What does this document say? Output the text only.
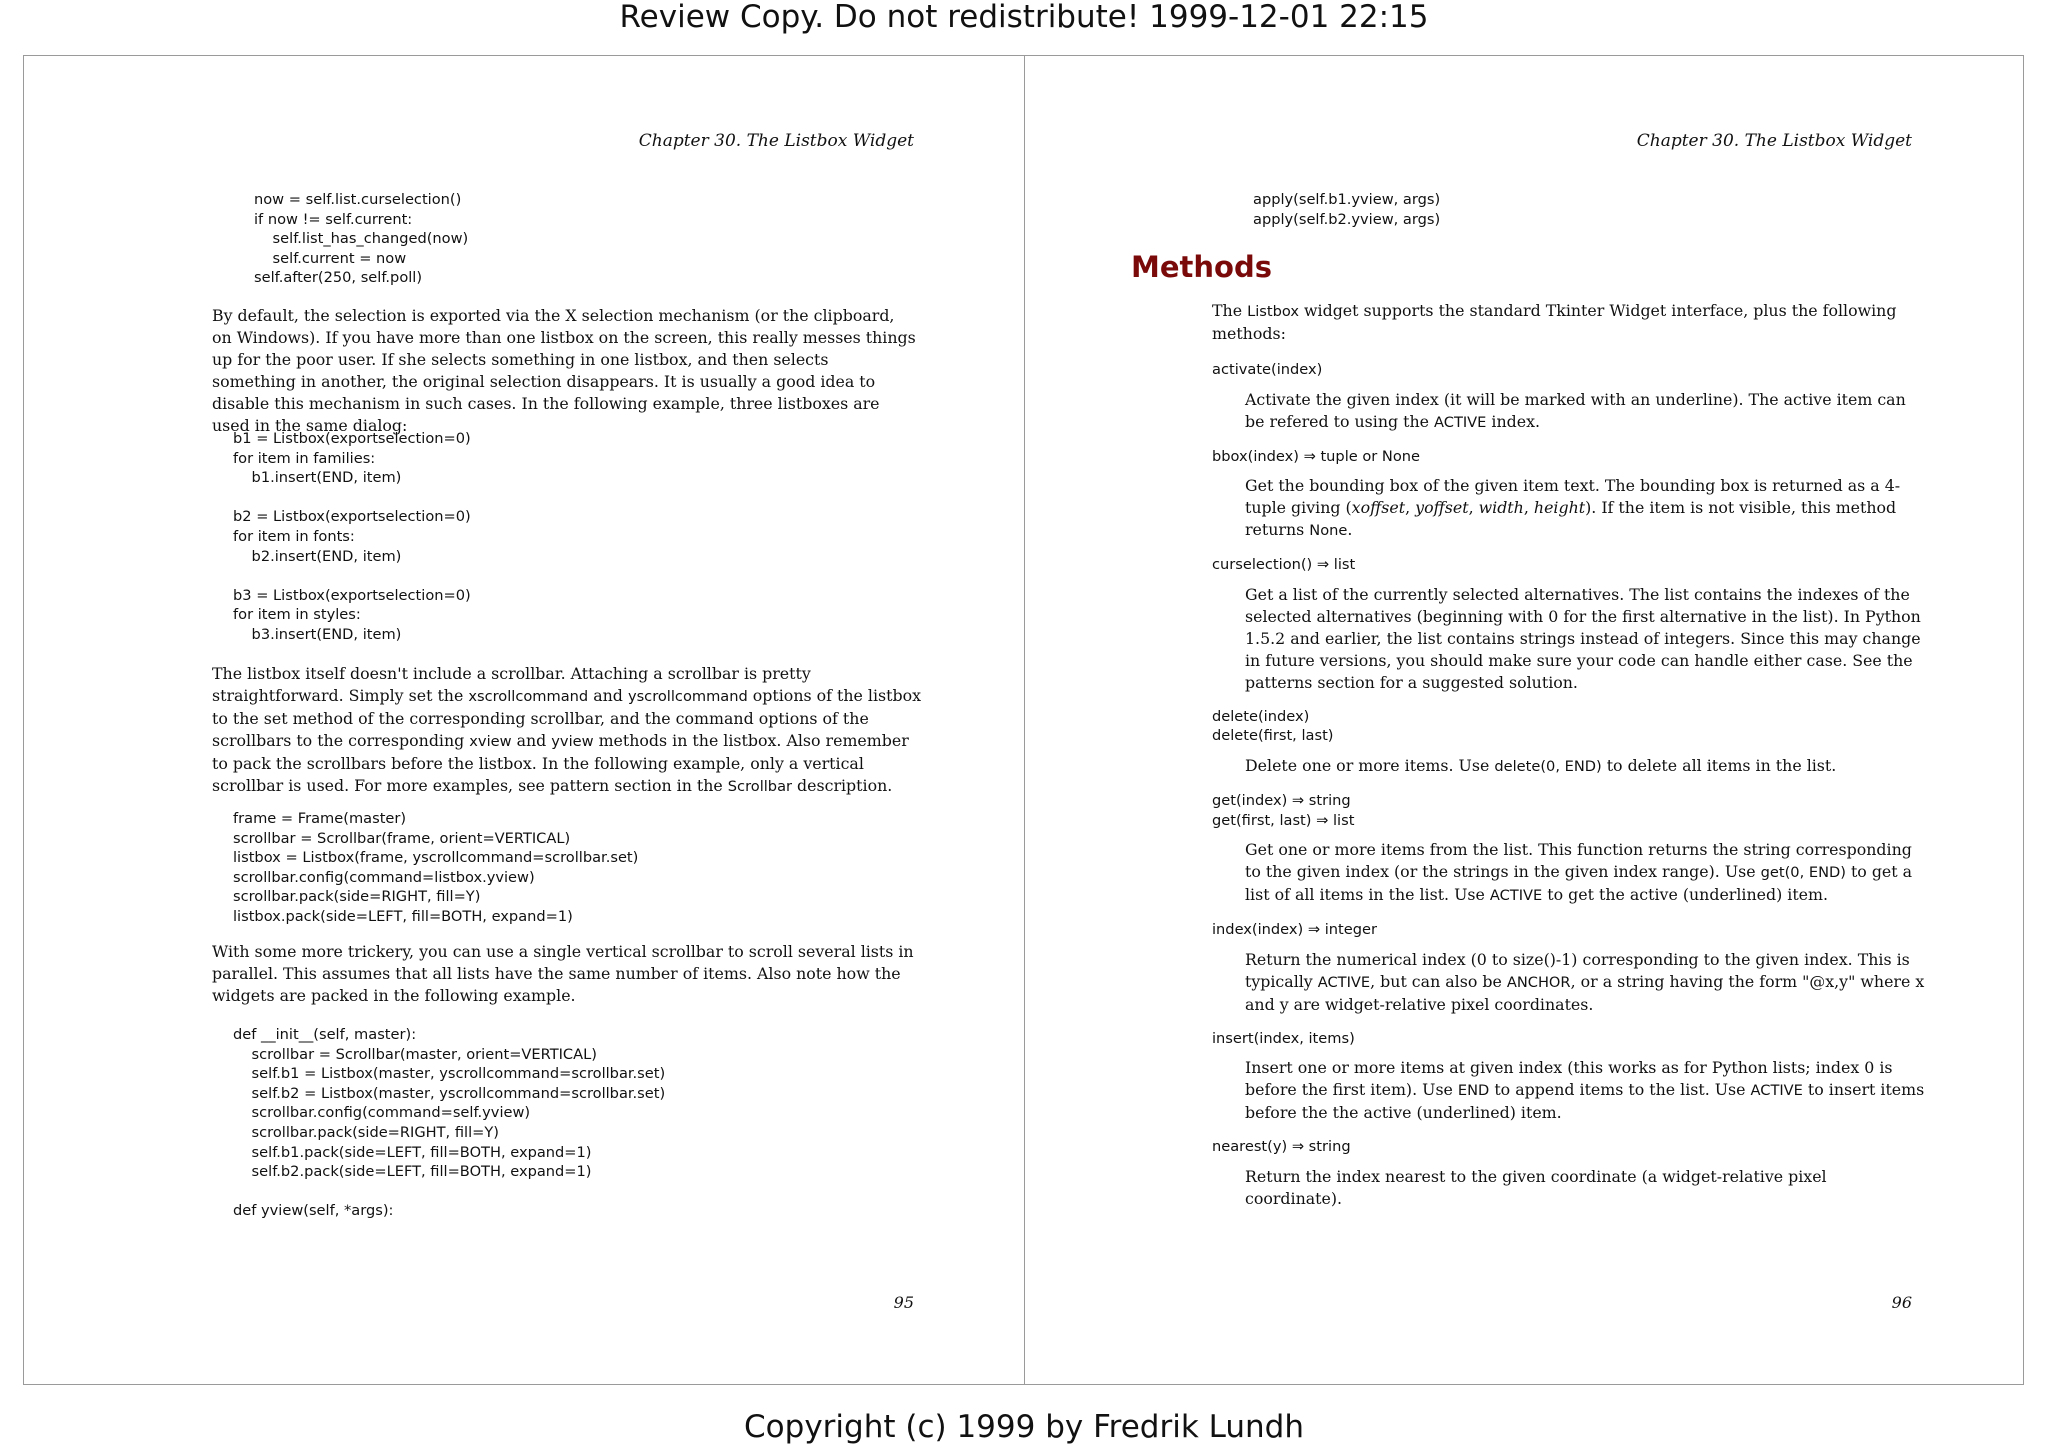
Review Copy. Do not redistribute! 1999-12-01 22:15
Chapter 30. The Listbox Widget
now = self.list.curselection()
if now != self.current:
self.list_has_changed(now)
self.current = now
self.after(250, self.poll)

By default, the selection is exported via the X selection mechanism (or the clipboard, on Windows). If you have more than one listbox on the screen, this really messes things up for the poor user. If she selects something in one listbox, and then selects something in another, the original selection disappears. It is usually a good idea to disable this mechanism in such cases. In the following example, three listboxes are used in the same dialog:

b1 = Listbox(exportselection=0)
for item in families:
b1.insert(END, item)

b2 = Listbox(exportselection=0)
for item in fonts:
b2.insert(END, item)

b3 = Listbox(exportselection=0)
for item in styles:
b3.insert(END, item)

The listbox itself doesn't include a scrollbar. Attaching a scrollbar is pretty straightforward. Simply set the xscrollcommand and yscrollcommand options of the listbox to the set method of the corresponding scrollbar, and the command options of the scrollbars to the corresponding xview and yview methods in the listbox. Also remember to pack the scrollbars before the listbox. In the following example, only a vertical scrollbar is used. For more examples, see pattern section in the Scrollbar description.

frame = Frame(master)
scrollbar = Scrollbar(frame, orient=VERTICAL)
listbox = Listbox(frame, yscrollcommand=scrollbar.set)
scrollbar.config(command=listbox.yview)
scrollbar.pack(side=RIGHT, fill=Y)
listbox.pack(side=LEFT, fill=BOTH, expand=1)

With some more trickery, you can use a single vertical scrollbar to scroll several lists in parallel. This assumes that all lists have the same number of items. Also note how the widgets are packed in the following example.

def __init__(self, master):
scrollbar = Scrollbar(master, orient=VERTICAL)
self.b1 = Listbox(master, yscrollcommand=scrollbar.set)
self.b2 = Listbox(master, yscrollcommand=scrollbar.set)
scrollbar.config(command=self.yview)
scrollbar.pack(side=RIGHT, fill=Y)
self.b1.pack(side=LEFT, fill=BOTH, expand=1)
self.b2.pack(side=LEFT, fill=BOTH, expand=1)

def yview(self, *args):
95
Chapter 30. The Listbox Widget
apply(self.b1.yview, args)
apply(self.b2.yview, args)
Methods

The Listbox widget supports the standard Tkinter Widget interface, plus the following methods:

activate(index)

Activate the given index (it will be marked with an underline). The active item can be refered to using the ACTIVE index.

bbox(index) ⇒ tuple or None

Get the bounding box of the given item text. The bounding box is returned as a 4-tuple giving (xoffset, yoffset, width, height). If the item is not visible, this method returns None.

curselection() ⇒ list

Get a list of the currently selected alternatives. The list contains the indexes of the selected alternatives (beginning with 0 for the first alternative in the list). In Python 1.5.2 and earlier, the list contains strings instead of integers. Since this may change in future versions, you should make sure your code can handle either case. See the patterns section for a suggested solution.

delete(index)
delete(first, last)

Delete one or more items. Use delete(0, END) to delete all items in the list.

get(index) ⇒ string
get(first, last) ⇒ list

Get one or more items from the list. This function returns the string corresponding to the given index (or the strings in the given index range). Use get(0, END) to get a list of all items in the list. Use ACTIVE to get the active (underlined) item.

index(index) ⇒ integer

Return the numerical index (0 to size()-1) corresponding to the given index. This is typically ACTIVE, but can also be ANCHOR, or a string having the form "@x,y" where x and y are widget-relative pixel coordinates.

insert(index, items)

Insert one or more items at given index (this works as for Python lists; index 0 is before the first item). Use END to append items to the list. Use ACTIVE to insert items before the the active (underlined) item.

nearest(y) ⇒ string

Return the index nearest to the given coordinate (a widget-relative pixel coordinate).

96
Copyright (c) 1999 by Fredrik Lundh
